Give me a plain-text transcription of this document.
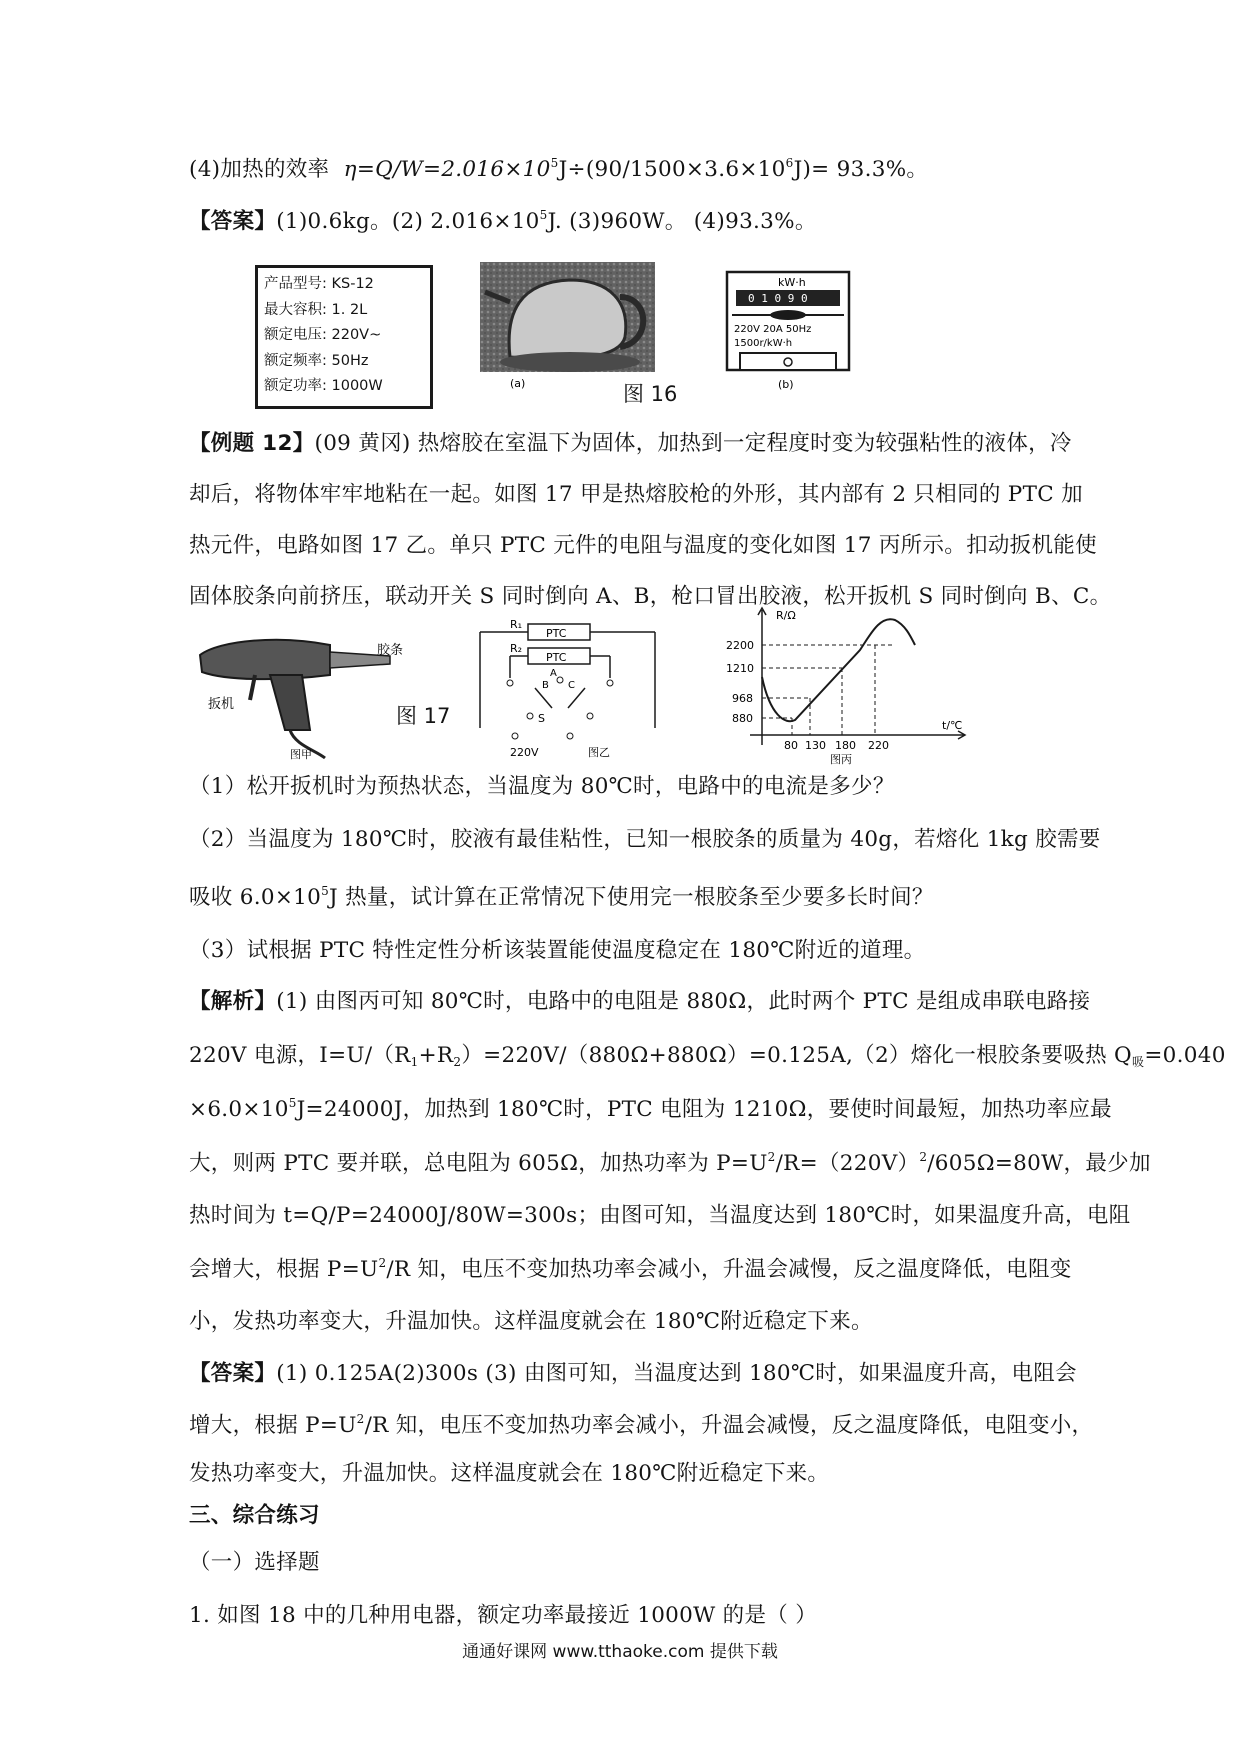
(4)加热的效率 $\eta=Q/W=2.016\times 10^5J\div(90/1500\times 3.6\times 10^6J)= 93.3\%$。
【答案】(1)0.6kg。(2) $2.016\times 10^5J$. (3)960W。 (4)93.3%。
产品型号: KS-12
最大容积: 1. 2L
额定电压: 220V~
额定频率: 50Hz
额定功率: 1000W	(a)	图 16
kW·h
0 1 0 9 0
220V 20A 50Hz
1500r/kW·h
(b)
【例题 12】(09 黄冈) 热熔胶在室温下为固体，加热到一定程度时变为较强粘性的液体，冷
却后，将物体牢牢地粘在一起。如图 17 甲是热熔胶枪的外形，其内部有 2 只相同的 PTC 加
热元件，电路如图 17 乙。单只 PTC 元件的电阻与温度的变化如图 17 丙所示。扣动扳机能使
固体胶条向前挤压，联动开关 S 同时倒向 A、B，枪口冒出胶液，松开扳机 S 同时倒向 B、C。
胶条
扳机
图甲
图 17
R₁
R₂
PTC
PTC
B
A
C
S
220V	图乙
R/Ω
t/℃
2200
1210
968
880
80 130 180 220
图丙
（1）松开扳机时为预热状态，当温度为 80℃时，电路中的电流是多少？
（2）当温度为 180℃时，胶液有最佳粘性，已知一根胶条的质量为 40g，若熔化 1kg 胶需要
吸收 $6.0\times 10^5J$ 热量，试计算在正常情况下使用完一根胶条至少要多长时间？
（3）试根据 PTC 特性定性分析该装置能使温度稳定在 180℃附近的道理。
【解析】(1) 由图丙可知 80℃时，电路中的电阻是 880Ω，此时两个 PTC 是组成串联电路接
220V 电源，$I=U/(R_1+R_2)=220V/(880\Omega+880\Omega)=0.125A,(2)$熔化一根胶条要吸热 $Q_吸=0.040$
$\times 6.0\times 10^5J=24000J$，加热到 180℃时，PTC 电阻为 1210Ω，要使时间最短，加热功率应最
大，则两 PTC 要并联，总电阻为 605Ω，加热功率为 $P=U^2/R=(220V)^2/605\Omega=80W$，最少加
热时间为 t=Q/P=24000J/80W=300s；由图可知，当温度达到 180℃时，如果温度升高，电阻
会增大，根据 $P=U^2/R$ 知，电压不变加热功率会减小，升温会减慢，反之温度降低，电阻变
小，发热功率变大，升温加快。这样温度就会在 180℃附近稳定下来。
【答案】(1) 0.125A(2)300s (3) 由图可知，当温度达到 180℃时，如果温度升高，电阻会
增大，根据 $P=U^2/R$ 知，电压不变加热功率会减小，升温会减慢，反之温度降低，电阻变小，
发热功率变大，升温加快。这样温度就会在 180℃附近稳定下来。
三、综合练习
（一）选择题
1. 如图 18 中的几种用电器，额定功率最接近 1000W 的是（ ）
通通好课网 www.tthaoke.com 提供下载
